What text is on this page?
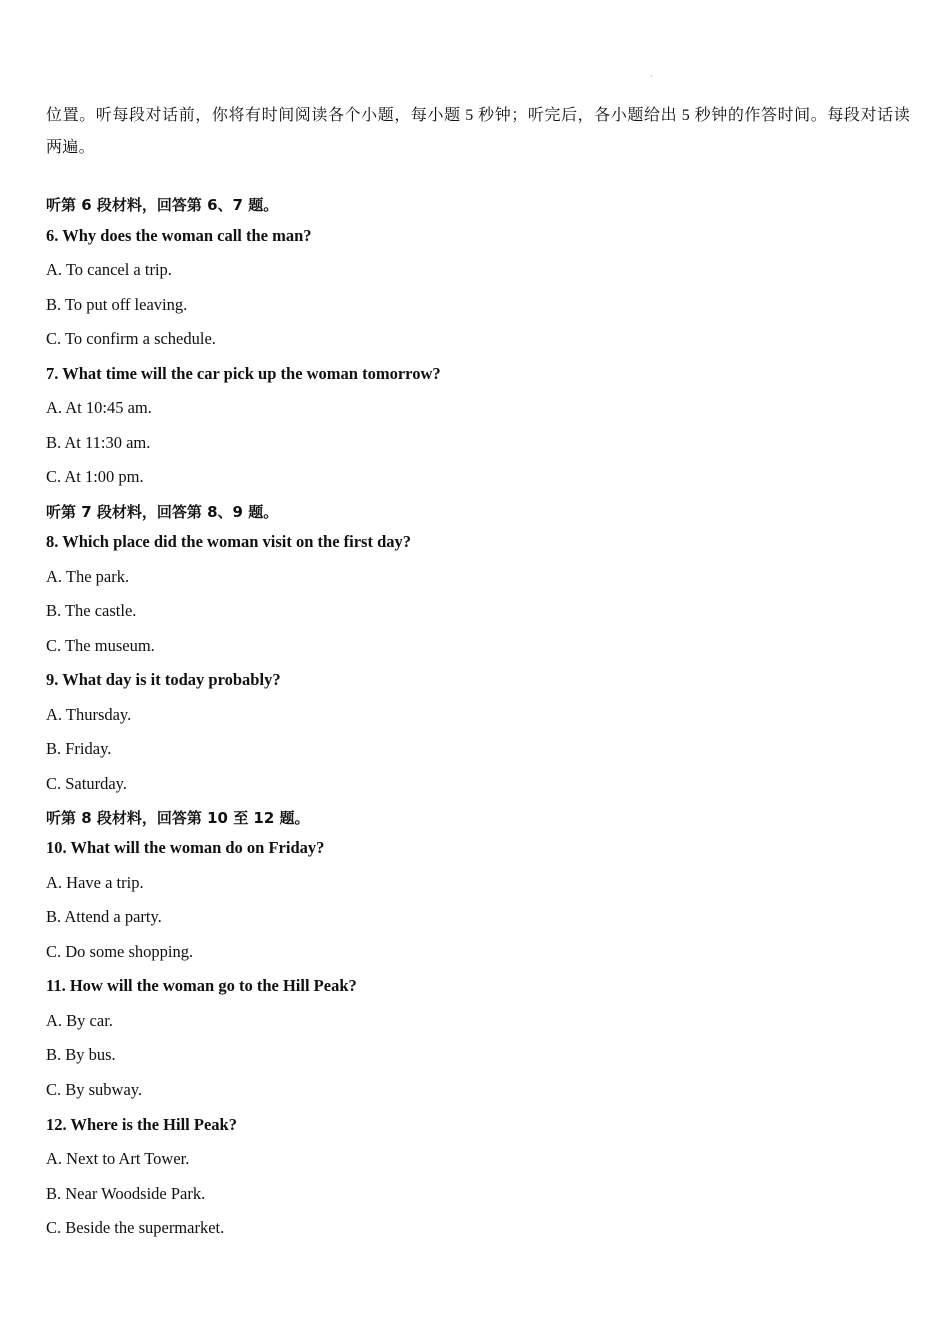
·
位置。听每段对话前，你将有时间阅读各个小题，每小题 5 秒钟；听完后，各小题给出 5 秒钟的作答时间。每段对话读两遍。
听第 6 段材料，回答第 6、7 题。
6. Why does the woman call the man?
A. To cancel a trip.
B. To put off leaving.
C. To confirm a schedule.
7. What time will the car pick up the woman tomorrow?
A. At 10:45 am.
B. At 11:30 am.
C. At 1:00 pm.
听第 7 段材料，回答第 8、9 题。
8. Which place did the woman visit on the first day?
A. The park.
B. The castle.
C. The museum.
9. What day is it today probably?
A. Thursday.
B. Friday.
C. Saturday.
听第 8 段材料，回答第 10 至 12 题。
10. What will the woman do on Friday?
A. Have a trip.
B. Attend a party.
C. Do some shopping.
11. How will the woman go to the Hill Peak?
A. By car.
B. By bus.
C. By subway.
12. Where is the Hill Peak?
A. Next to Art Tower.
B. Near Woodside Park.
C. Beside the supermarket.
